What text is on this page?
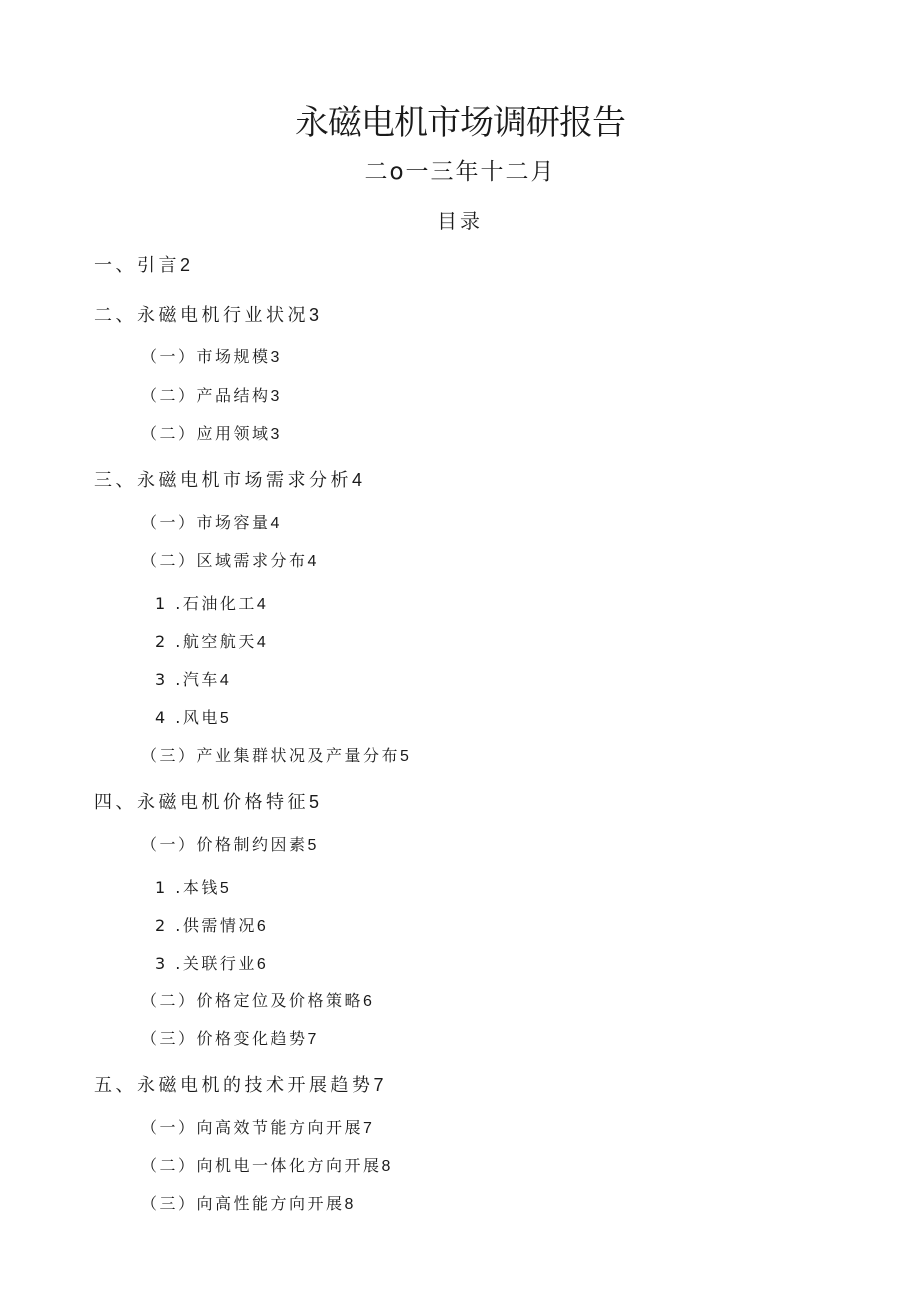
永磁电机市场调研报告
二ο一三年十二月
目录
一、引言2
二、永磁电机行业状况3
（一）市场规模3
（二）产品结构3
（二）应用领域3
三、永磁电机市场需求分析4
（一）市场容量4
（二）区域需求分布4
1 .石油化工4
2 .航空航天4
3 .汽车4
4 .风电5
（三）产业集群状况及产量分布5
四、永磁电机价格特征5
（一）价格制约因素5
1 .本钱5
2 .供需情况6
3 .关联行业6
（二）价格定位及价格策略6
（三）价格变化趋势7
五、永磁电机的技术开展趋势7
（一）向高效节能方向开展7
（二）向机电一体化方向开展8
（三）向高性能方向开展8
